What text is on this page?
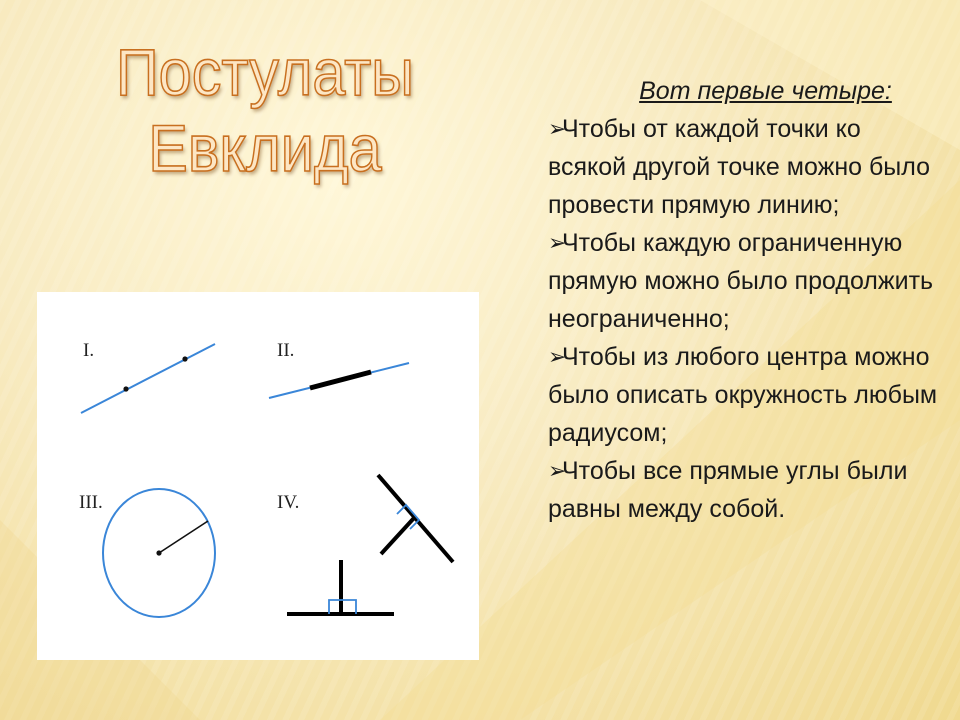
Постулаты
Евклида
I.	II.
III.	IV.

Вот первые четыре:

➢
Чтобы от каждой точки ко всякой другой точке можно было провести прямую линию;
➢
Чтобы каждую ограниченную прямую можно было продолжить неограниченно;
➢
Чтобы из любого центра можно было описать окружность любым радиусом;
➢
Чтобы все прямые углы были равны между собой.
